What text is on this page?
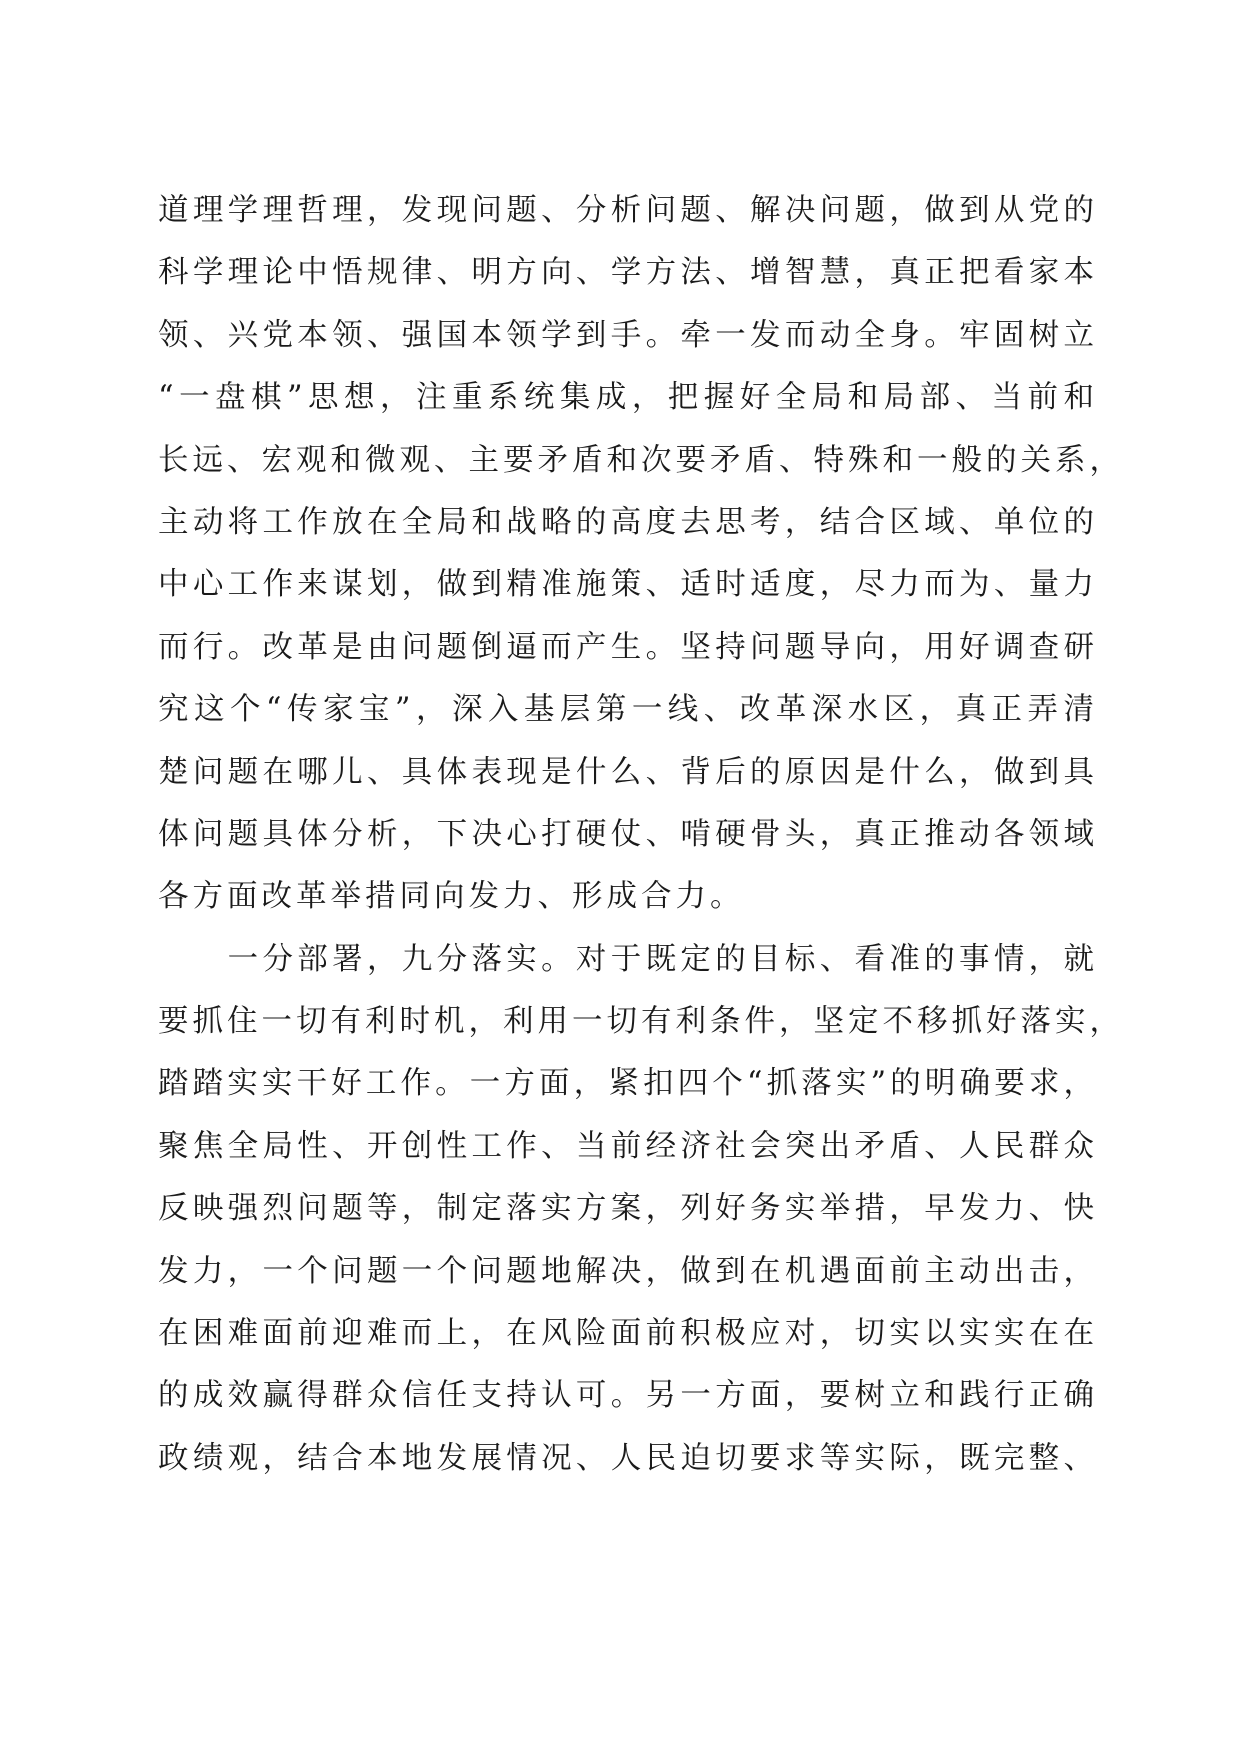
道理学理哲理，发现问题、分析问题、解决问题，做到从党的
科学理论中悟规律、明方向、学方法、增智慧，真正把看家本
领、兴党本领、强国本领学到手。牵一发而动全身。牢固树立
“一盘棋”思想，注重系统集成，把握好全局和局部、当前和
长远、宏观和微观、主要矛盾和次要矛盾、特殊和一般的关系，
主动将工作放在全局和战略的高度去思考，结合区域、单位的
中心工作来谋划，做到精准施策、适时适度，尽力而为、量力
而行。改革是由问题倒逼而产生。坚持问题导向，用好调查研
究这个“传家宝”，深入基层第一线、改革深水区，真正弄清
楚问题在哪儿、具体表现是什么、背后的原因是什么，做到具
体问题具体分析，下决心打硬仗、啃硬骨头，真正推动各领域
各方面改革举措同向发力、形成合力。
　　一分部署，九分落实。对于既定的目标、看准的事情，就
要抓住一切有利时机，利用一切有利条件，坚定不移抓好落实，
踏踏实实干好工作。一方面，紧扣四个“抓落实”的明确要求，
聚焦全局性、开创性工作、当前经济社会突出矛盾、人民群众
反映强烈问题等，制定落实方案，列好务实举措，早发力、快
发力，一个问题一个问题地解决，做到在机遇面前主动出击，
在困难面前迎难而上，在风险面前积极应对，切实以实实在在
的成效赢得群众信任支持认可。另一方面，要树立和践行正确
政绩观，结合本地发展情况、人民迫切要求等实际，既完整、
